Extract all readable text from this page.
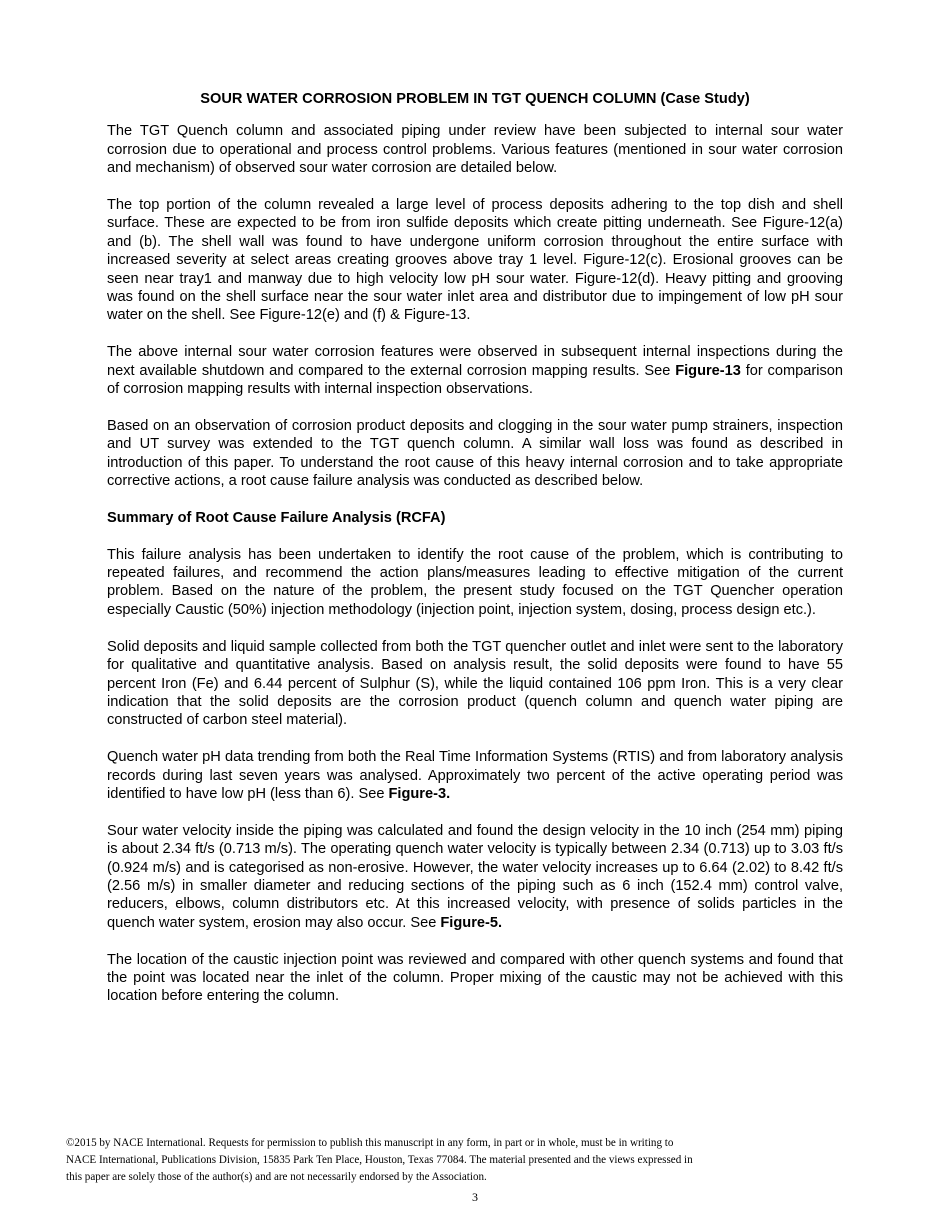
SOUR WATER CORROSION PROBLEM IN TGT QUENCH COLUMN (Case Study)

The TGT Quench column and associated piping under review have been subjected to internal sour water corrosion due to operational and process control problems. Various features (mentioned in sour water corrosion and mechanism) of observed sour water corrosion are detailed below.

The top portion of the column revealed a large level of process deposits adhering to the top dish and shell surface. These are expected to be from iron sulfide deposits which create pitting underneath. See Figure-12(a) and (b). The shell wall was found to have undergone uniform corrosion throughout the entire surface with increased severity at select areas creating grooves above tray 1 level. Figure-12(c). Erosional grooves can be seen near tray1 and manway due to high velocity low pH sour water. Figure-12(d). Heavy pitting and grooving was found on the shell surface near the sour water inlet area and distributor due to impingement of low pH sour water on the shell. See Figure-12(e) and (f) & Figure-13.

The above internal sour water corrosion features were observed in subsequent internal inspections during the next available shutdown and compared to the external corrosion mapping results. See Figure-13 for comparison of corrosion mapping results with internal inspection observations.

Based on an observation of corrosion product deposits and clogging in the sour water pump strainers, inspection and UT survey was extended to the TGT quench column. A similar wall loss was found as described in introduction of this paper. To understand the root cause of this heavy internal corrosion and to take appropriate corrective actions, a root cause failure analysis was conducted as described below.

Summary of Root Cause Failure Analysis (RCFA)

This failure analysis has been undertaken to identify the root cause of the problem, which is contributing to repeated failures, and recommend the action plans/measures leading to effective mitigation of the current problem. Based on the nature of the problem, the present study focused on the TGT Quencher operation especially Caustic (50%) injection methodology (injection point, injection system, dosing, process design etc.).

Solid deposits and liquid sample collected from both the TGT quencher outlet and inlet were sent to the laboratory for qualitative and quantitative analysis. Based on analysis result, the solid deposits were found to have 55 percent Iron (Fe) and 6.44 percent of Sulphur (S), while the liquid contained 106 ppm Iron. This is a very clear indication that the solid deposits are the corrosion product (quench column and quench water piping are constructed of carbon steel material).

Quench water pH data trending from both the Real Time Information Systems (RTIS) and from laboratory analysis records during last seven years was analysed. Approximately two percent of the active operating period was identified to have low pH (less than 6). See Figure-3.

Sour water velocity inside the piping was calculated and found the design velocity in the 10 inch (254 mm) piping is about 2.34 ft/s (0.713 m/s). The operating quench water velocity is typically between 2.34 (0.713) up to 3.03 ft/s (0.924 m/s) and is categorised as non-erosive. However, the water velocity increases up to 6.64 (2.02) to 8.42 ft/s (2.56 m/s) in smaller diameter and reducing sections of the piping such as 6 inch (152.4 mm) control valve, reducers, elbows, column distributors etc. At this increased velocity, with presence of solids particles in the quench water system, erosion may also occur. See Figure-5.

The location of the caustic injection point was reviewed and compared with other quench systems and found that the point was located near the inlet of the column. Proper mixing of the caustic may not be achieved with this location before entering the column.

©2015 by NACE International. Requests for permission to publish this manuscript in any form, in part or in whole, must be in writing to
NACE International, Publications Division, 15835 Park Ten Place, Houston, Texas 77084. The material presented and the views expressed in
this paper are solely those of the author(s) and are not necessarily endorsed by the Association.
3
